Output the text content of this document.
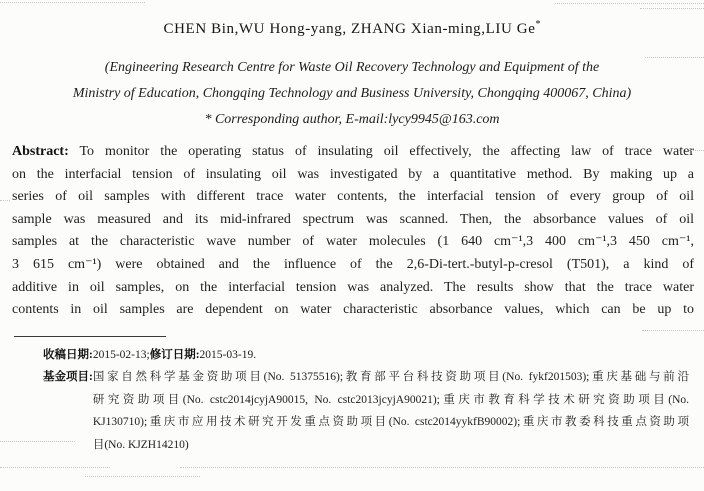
CHEN Bin,WU Hong-yang, ZHANG Xian-ming,LIU Ge*
(Engineering Research Centre for Waste Oil Recovery Technology and Equipment of the
Ministry of Education, Chongqing Technology and Business University, Chongqing 400067, China)
* Corresponding author, E-mail:lycy9945@163.com
Abstract: To monitor the operating status of insulating oil effectively, the affecting law of trace water
on the interfacial tension of insulating oil was investigated by a quantitative method. By making up a
series of oil samples with different trace water contents, the interfacial tension of every group of oil
sample was measured and its mid-infrared spectrum was scanned. Then, the absorbance values of oil
samples at the characteristic wave number of water molecules (1 640 cm⁻¹,3 400 cm⁻¹,3 450 cm⁻¹,
3 615 cm⁻¹) were obtained and the influence of the 2,6-Di-tert.-butyl-p-cresol (T501), a kind of
additive in oil samples, on the interfacial tension was analyzed. The results show that the trace water
contents in oil samples are dependent on water characteristic absorbance values, which can be up to
收稿日期:2015-02-13;修订日期:2015-03-19.
基金项目: 国家自然科学基金资助项目(No. 51375516);教育部平台科技资助项目(No. fykf201503);重庆基础与前沿
研究资助项目(No. cstc2014jcyjA90015, No. cstc2013jcyjA90021);重庆市教育科学技术研究资助项目(No.
KJ130710);重庆市应用技术研究开发重点资助项目(No. cstc2014yykfB90002);重庆市教委科技重点资助项
目(No. KJZH14210)
